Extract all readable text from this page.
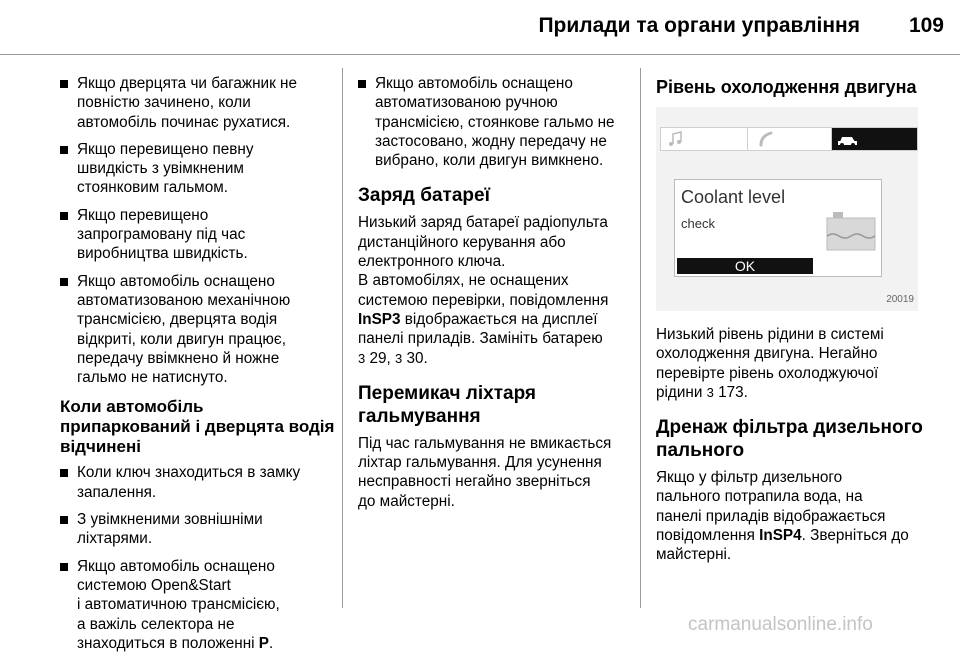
Прилади та органи управління	109
Якщо дверцята чи багажник не
повністю зачинено, коли
автомобіль починає рухатися.
Якщо перевищено певну
швидкість з увімкненим
стоянковим гальмом.
Якщо перевищено
запрограмовану під час
виробництва швидкість.
Якщо автомобіль оснащено
автоматизованою механічною
трансмісією, дверцята водія
відкриті, коли двигун працює,
передачу ввімкнено й ножне
гальмо не натиснуто.
Коли автомобіль
припаркований і дверцята водія
відчинені
Коли ключ знаходиться в замку
запалення.
З увімкненими зовнішніми
ліхтарями.
Якщо автомобіль оснащено
системою Open&Start
і автоматичною трансмісією,
а важіль селектора не
знаходиться в положенні P.
Якщо автомобіль оснащено
автоматизованою ручною
трансмісією, стоянкове гальмо не
застосовано, жодну передачу не
вибрано, коли двигун вимкнено.
Заряд батареї
Низький заряд батареї радіопульта
дистанційного керування або
електронного ключа.
В автомобілях, не оснащених
системою перевірки, повідомлення
InSP3 відображається на дисплеї
панелі приладів. Замініть батарею
3 29, 3 30.
Перемикач ліхтаря
гальмування
Під час гальмування не вмикається
ліхтар гальмування. Для усунення
несправності негайно зверніться
до майстерні.
Рівень охолодження двигуна
Coolant level
check
OK
20019
Низький рівень рідини в системі
охолодження двигуна. Негайно
перевірте рівень охолоджуючої
рідини 3 173.
Дренаж фільтра дизельного
пального
Якщо у фільтр дизельного
пального потрапила вода, на
панелі приладів відображається
повідомлення InSP4. Зверніться до
майстерні.
carmanualsonline.info
